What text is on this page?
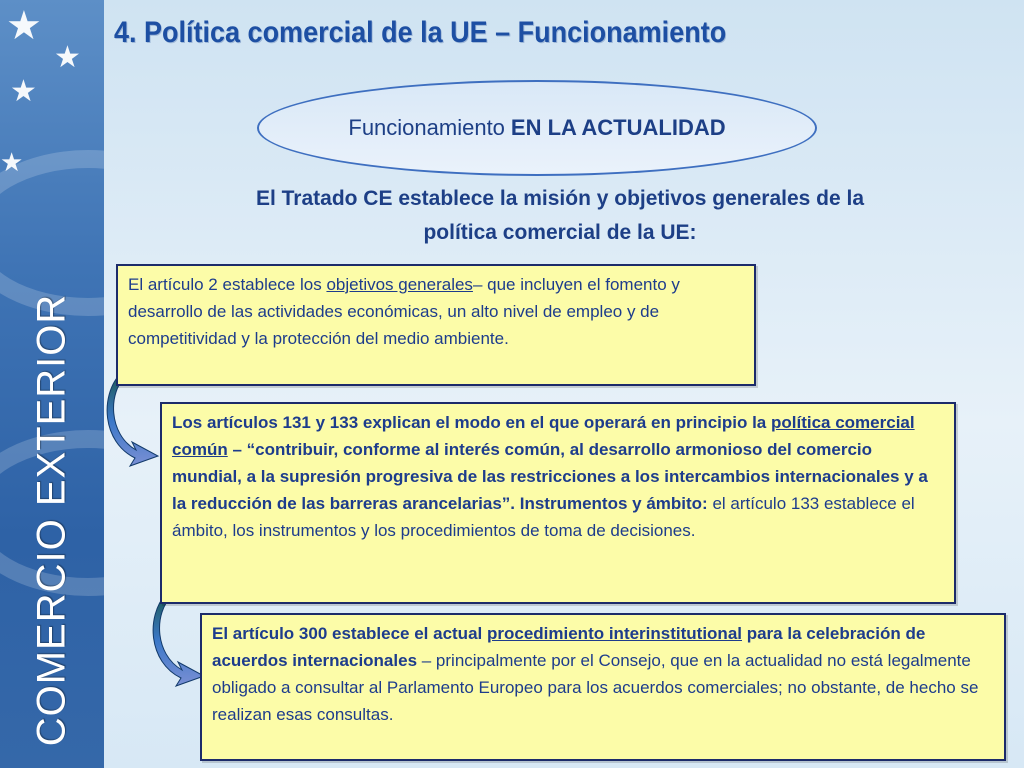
★
★
★
★
COMERCIO EXTERIOR
4. Política comercial de la UE – Funcionamiento
Funcionamiento EN LA ACTUALIDAD
El Tratado CE establece la misión y objetivos generales de la
política comercial de la UE:
El artículo 2 establece los objetivos generales– que incluyen el fomento y desarrollo de las actividades económicas, un alto nivel de empleo y de competitividad y la protección del medio ambiente.
Los artículos 131 y 133 explican el modo en el que operará en principio la política comercial común – “contribuir, conforme al interés común, al desarrollo armonioso del comercio mundial, a la supresión progresiva de las restricciones a los intercambios internacionales y a la reducción de las barreras arancelarias”. Instrumentos y ámbito: el artículo 133 establece el ámbito, los instrumentos y los procedimientos de toma de decisiones.
El artículo 300 establece el actual procedimiento interinstitutional para la celebración de acuerdos internacionales – principalmente por el Consejo, que en la actualidad no está legalmente obligado a consultar al Parlamento Europeo para los acuerdos comerciales; no obstante, de hecho se realizan esas consultas.
